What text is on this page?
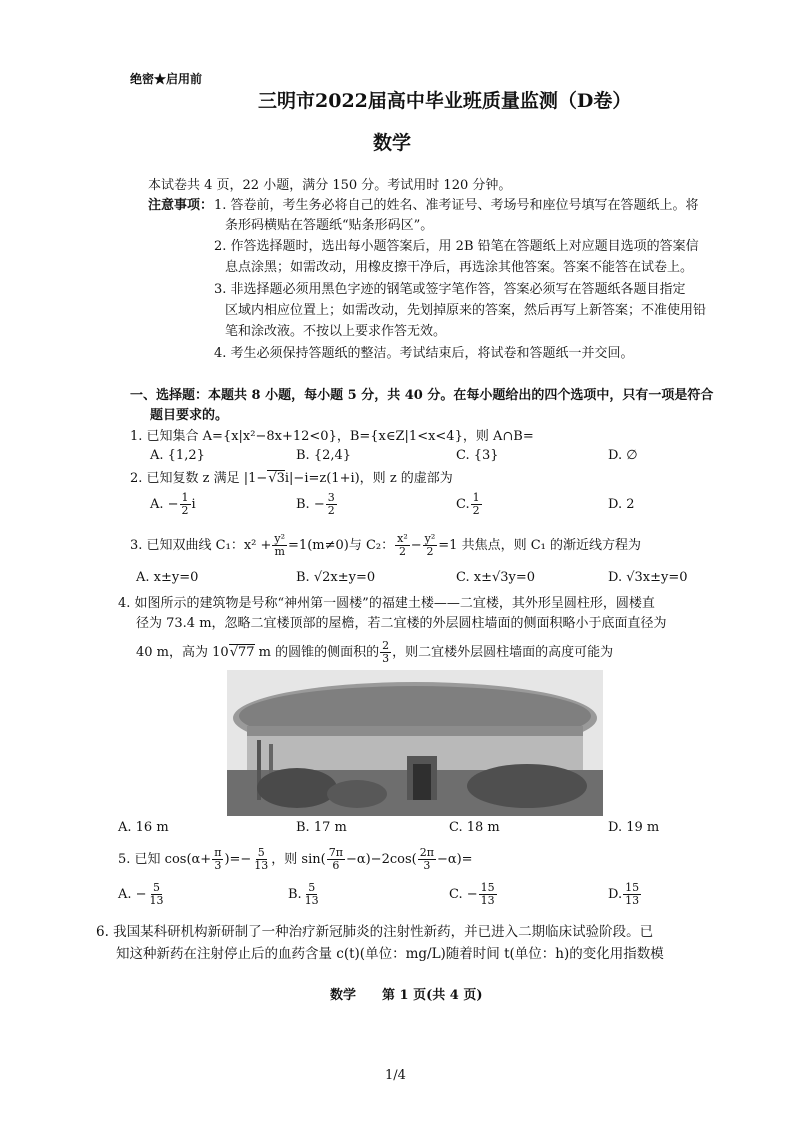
绝密★启用前
三明市2022届高中毕业班质量监测（D卷）
数学
本试卷共 4 页，22 小题，满分 150 分。考试用时 120 分钟。
注意事项： 1. 答卷前，考生务必将自己的姓名、准考证号、考场号和座位号填写在答题纸上。将
条形码横贴在答题纸“贴条形码区”。
2. 作答选择题时，选出每小题答案后，用 2B 铅笔在答题纸上对应题目选项的答案信
息点涂黑；如需改动，用橡皮擦干净后，再选涂其他答案。答案不能答在试卷上。
3. 非选择题必须用黑色字迹的钢笔或签字笔作答，答案必须写在答题纸各题目指定
区域内相应位置上；如需改动，先划掉原来的答案，然后再写上新答案；不准使用铅
笔和涂改液。不按以上要求作答无效。
4. 考生必须保持答题纸的整洁。考试结束后，将试卷和答题纸一并交回。
一、选择题：本题共 8 小题，每小题 5 分，共 40 分。在每小题给出的四个选项中，只有一项是符合
题目要求的。
1. 已知集合 A={x|x²−8x+12<0}，B={x∈Z|1<x<4}，则 A∩B=
A. {1,2}	B. {2,4}	C. {3}	D. ∅
2. 已知复数 z 满足 |1−√3i|−i=z(1+i)，则 z 的虚部为
A. − $\frac{1}{2}$ i	B. − $\frac{3}{2}$	C. $\frac{1}{2}$	D. 2
3. 已知双曲线 C₁：$x^2 + \frac{\text{y²}}{m} =1(m\ne 0)$与 C₂： $\frac{\text{x²}}{2} - \frac{\text{y²}}{2} =1$ 共焦点，则 C₁ 的渐近线方程为
A. x±y=0	B. √2x±y=0	C. x±√3y=0	D. √3x±y=0
4. 如图所示的建筑物是号称“神州第一圆楼”的福建土楼——二宜楼，其外形呈圆柱形，圆楼直
径为 73.4 m，忽略二宜楼顶部的屋檐，若二宜楼的外层圆柱墙面的侧面积略小于底面直径为
40 m，高为 10√77 m 的圆锥的侧面积的 $\frac{2}{3}$ ，则二宜楼外层圆柱墙面的高度可能为
A. 16 m	B. 17 m	C. 18 m	D. 19 m
5. 已知 $\cos(\alpha+ \frac{\pi}{3}$ )=− $\frac{5}{13}$ ，则 $\sin( \frac{7\pi}{6} -\alpha)-2\cos( \frac{2\pi}{3} -\alpha)=$
A. − $\frac{5}{13}$	B. $\frac{5}{13}$	C. − $\frac{15}{13}$	D. $\frac{15}{13}$
6. 我国某科研机构新研制了一种治疗新冠肺炎的注射性新药，并已进入二期临床试验阶段。已
知这种新药在注射停止后的血药含量 c(t)(单位：mg/L)随着时间 t(单位：h)的变化用指数模
数学　　第 1 页(共 4 页)
1/4
